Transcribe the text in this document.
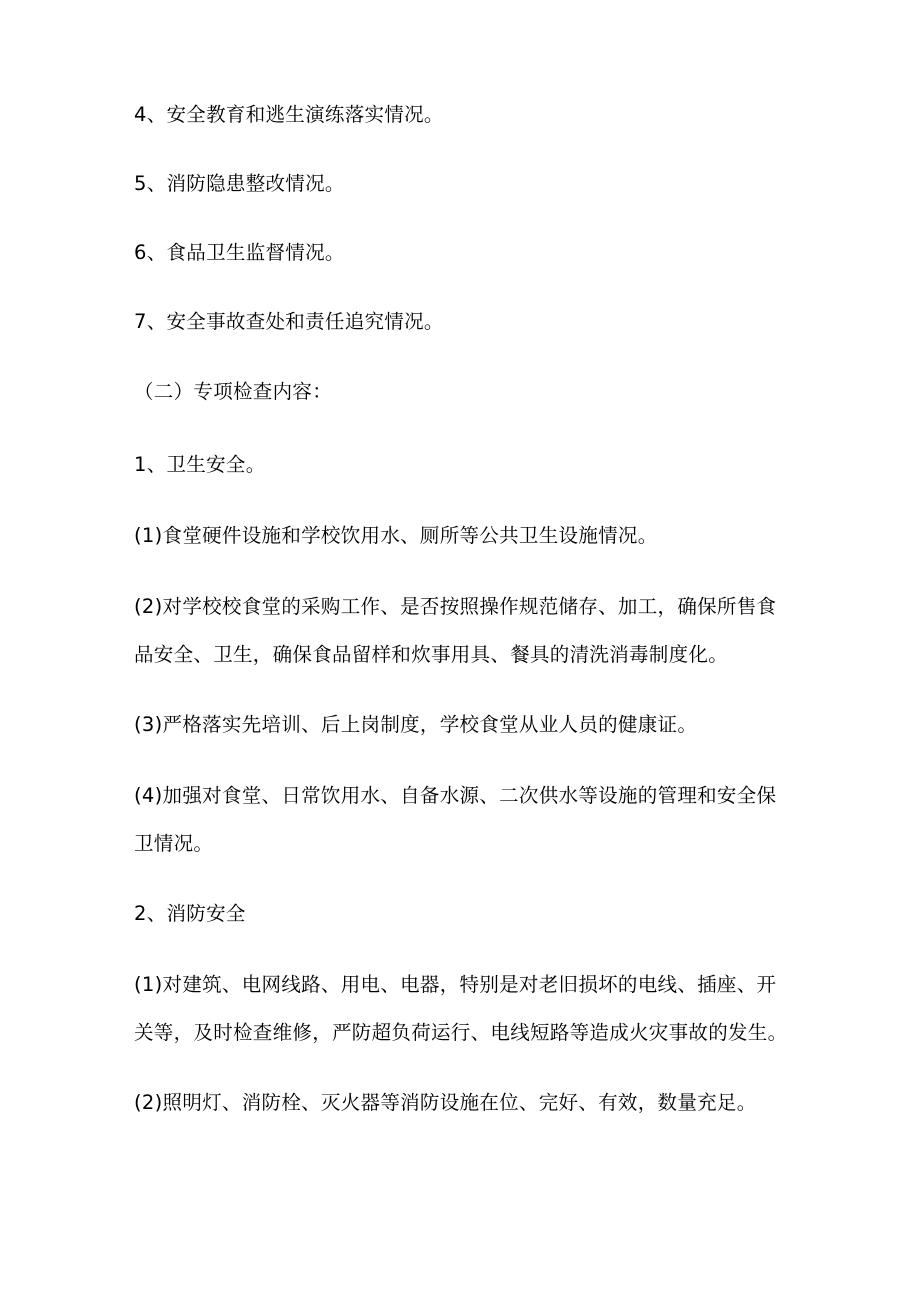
4、安全教育和逃生演练落实情况。

5、消防隐患整改情况。

6、食品卫生监督情况。

7、安全事故查处和责任追究情况。

（二）专项检查内容：

1、卫生安全。

(1)食堂硬件设施和学校饮用水、厕所等公共卫生设施情况。

(2)对学校校食堂的采购工作、是否按照操作规范储存、加工，确保所售食
品安全、卫生，确保食品留样和炊事用具、餐具的清洗消毒制度化。

(3)严格落实先培训、后上岗制度，学校食堂从业人员的健康证。

(4)加强对食堂、日常饮用水、自备水源、二次供水等设施的管理和安全保
卫情况。

2、消防安全

(1)对建筑、电网线路、用电、电器，特别是对老旧损坏的电线、插座、开
关等，及时检查维修，严防超负荷运行、电线短路等造成火灾事故的发生。

(2)照明灯、消防栓、灭火器等消防设施在位、完好、有效，数量充足。
